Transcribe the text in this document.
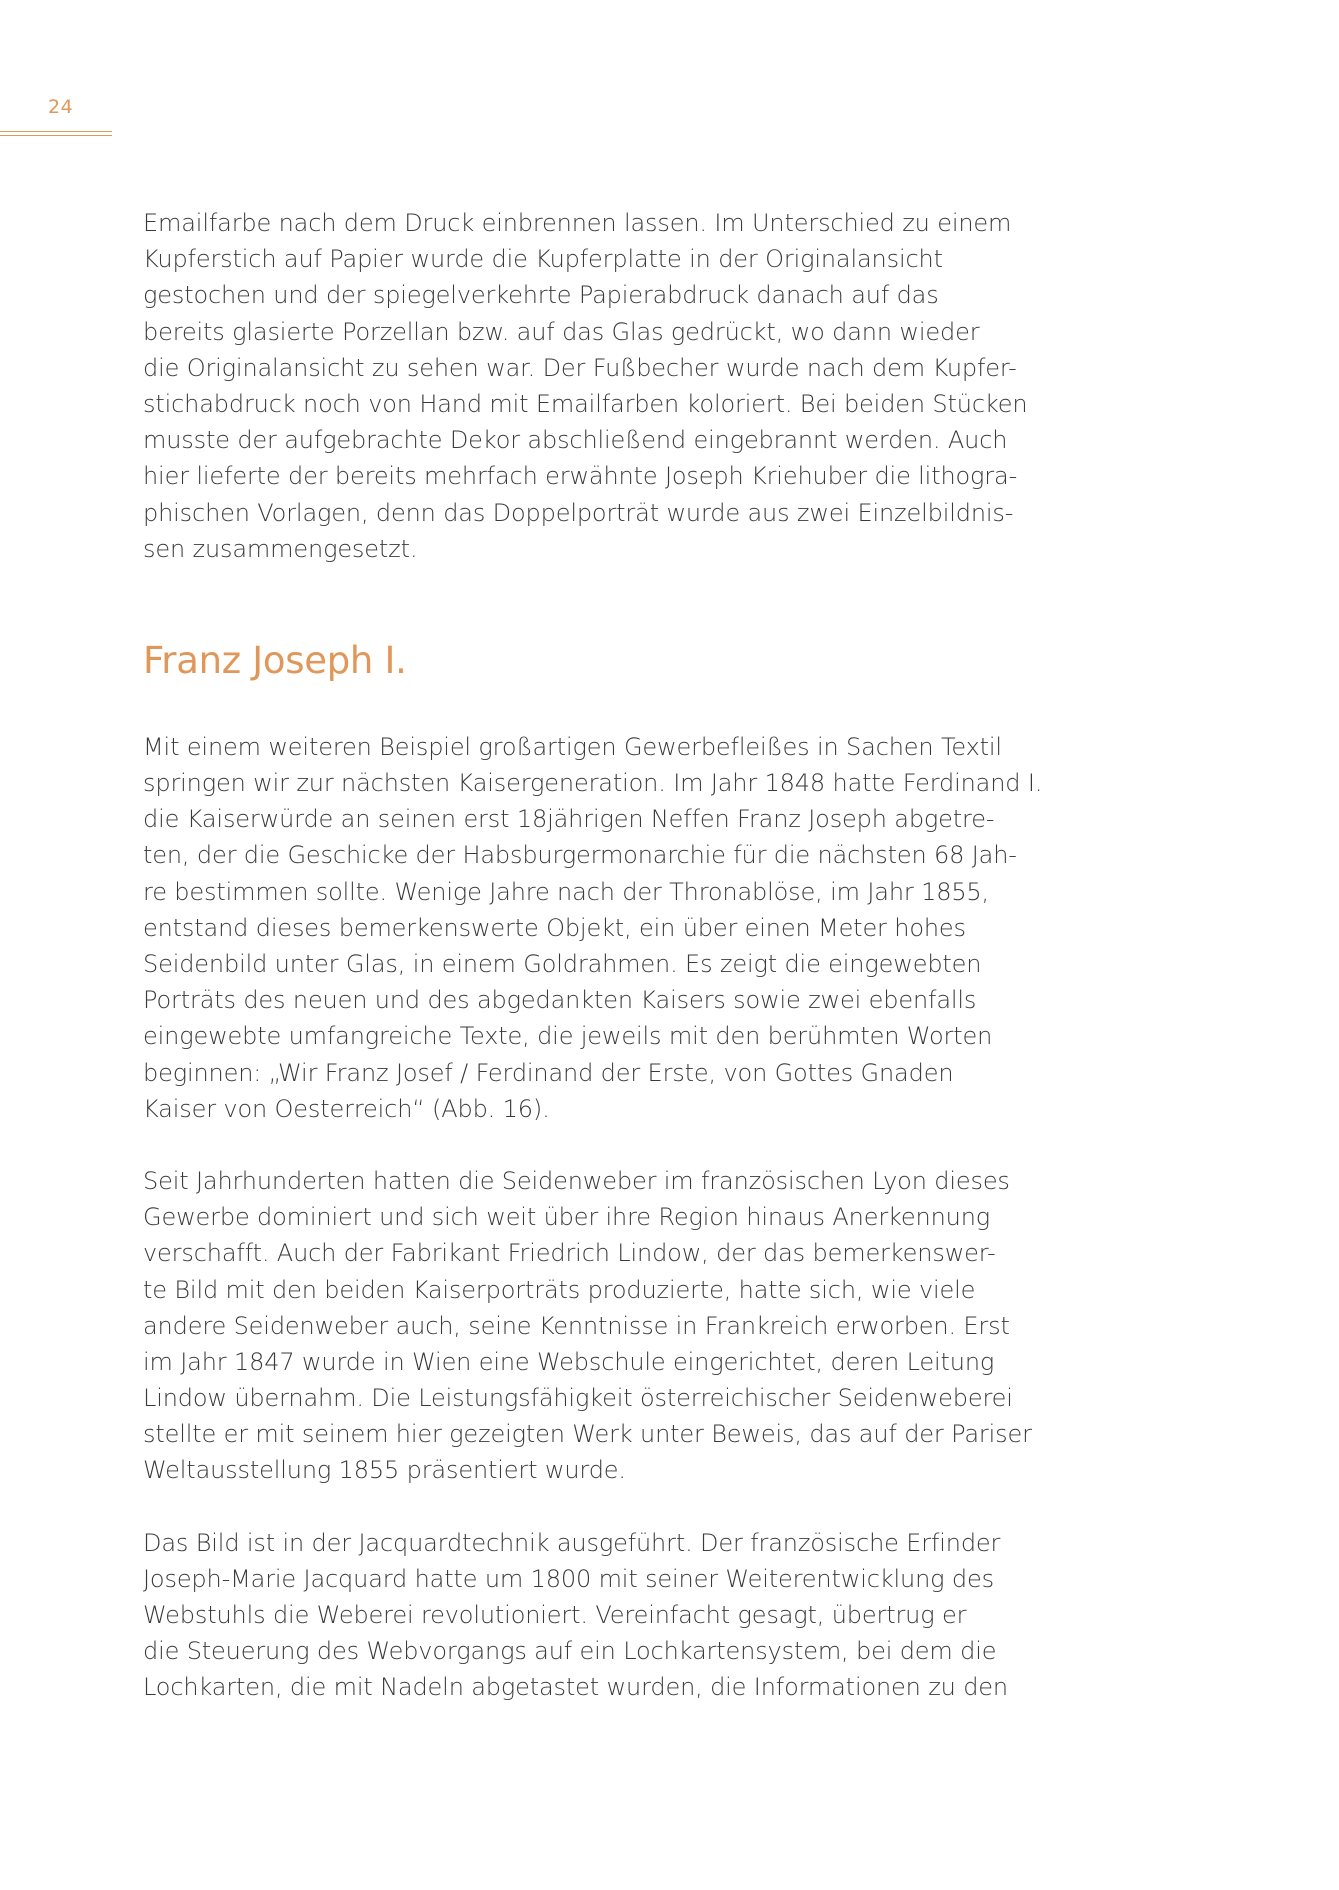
24
Emailfarbe nach dem Druck einbrennen lassen. Im Unterschied zu einem
Kupferstich auf Papier wurde die Kupferplatte in der Originalansicht
gestochen und der spiegelverkehrte Papierabdruck danach auf das
bereits glasierte Porzellan bzw. auf das Glas gedrückt, wo dann wieder
die Originalansicht zu sehen war. Der Fußbecher wurde nach dem Kupfer-
stichabdruck noch von Hand mit Emailfarben koloriert. Bei beiden Stücken
musste der aufgebrachte Dekor abschließend eingebrannt werden. Auch
hier lieferte der bereits mehrfach erwähnte Joseph Kriehuber die lithogra-
phischen Vorlagen, denn das Doppelporträt wurde aus zwei Einzelbildnis-
sen zusammengesetzt.
Franz Joseph I.
Mit einem weiteren Beispiel großartigen Gewerbefleißes in Sachen Textil
springen wir zur nächsten Kaisergeneration. Im Jahr 1848 hatte Ferdinand I.
die Kaiserwürde an seinen erst 18jährigen Neffen Franz Joseph abgetre-
ten, der die Geschicke der Habsburgermonarchie für die nächsten 68 Jah-
re bestimmen sollte. Wenige Jahre nach der Thronablöse, im Jahr 1855,
entstand dieses bemerkenswerte Objekt, ein über einen Meter hohes
Seidenbild unter Glas, in einem Goldrahmen. Es zeigt die eingewebten
Porträts des neuen und des abgedankten Kaisers sowie zwei ebenfalls
eingewebte umfangreiche Texte, die jeweils mit den berühmten Worten
beginnen: „Wir Franz Josef / Ferdinand der Erste, von Gottes Gnaden
Kaiser von Oesterreich“ (Abb. 16).
Seit Jahrhunderten hatten die Seidenweber im französischen Lyon dieses
Gewerbe dominiert und sich weit über ihre Region hinaus Anerkennung
verschafft. Auch der Fabrikant Friedrich Lindow, der das bemerkenswer-
te Bild mit den beiden Kaiserporträts produzierte, hatte sich, wie viele
andere Seidenweber auch, seine Kenntnisse in Frankreich erworben. Erst
im Jahr 1847 wurde in Wien eine Webschule eingerichtet, deren Leitung
Lindow übernahm. Die Leistungsfähigkeit österreichischer Seidenweberei
stellte er mit seinem hier gezeigten Werk unter Beweis, das auf der Pariser
Weltausstellung 1855 präsentiert wurde.
Das Bild ist in der Jacquardtechnik ausgeführt. Der französische Erfinder
Joseph-Marie Jacquard hatte um 1800 mit seiner Weiterentwicklung des
Webstuhls die Weberei revolutioniert. Vereinfacht gesagt, übertrug er
die Steuerung des Webvorgangs auf ein Lochkartensystem, bei dem die
Lochkarten, die mit Nadeln abgetastet wurden, die Informationen zu den
